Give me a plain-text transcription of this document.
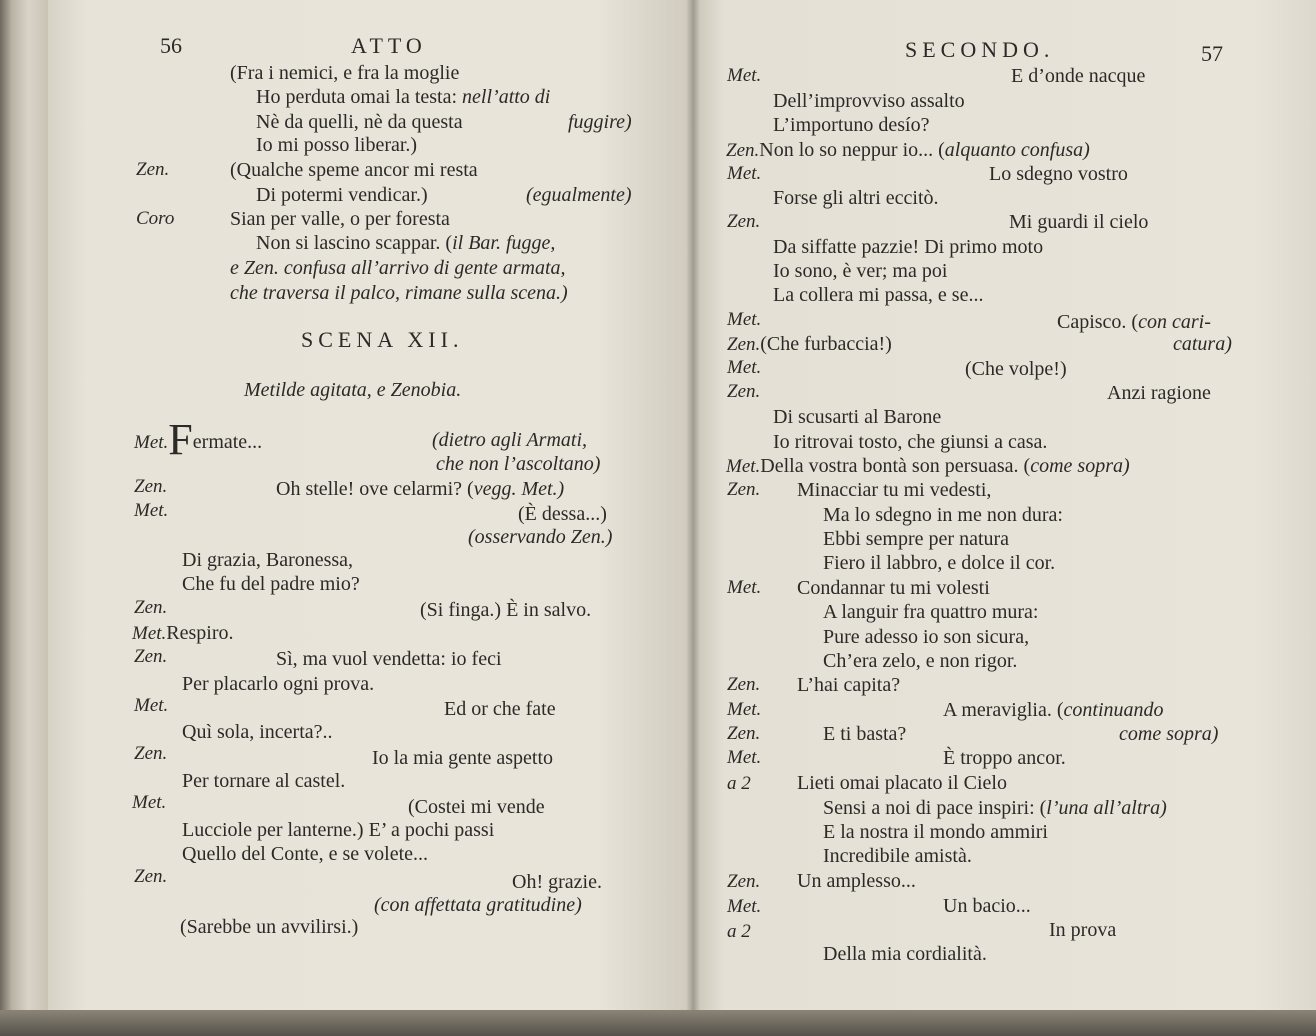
56	ATTO
(Fra i nemici, e fra la moglie
Ho perduta omai la testa: nell’atto di
Nè da quelli, nè da questa	fuggire)
Io mi posso liberar.)
Zen.	(Qualche speme ancor mi resta
Di potermi vendicar.)	(egualmente)
Coro	Sian per valle, o per foresta
Non si lascino scappar. (il Bar. fugge,
e Zen. confusa all’arrivo di gente armata,
che traversa il palco, rimane sulla scena.)
SCENA XII.
Metilde agitata, e Zenobia.
Met.Fermate...	(dietro agli Armati,
che non l’ascoltano)
Zen.	Oh stelle! ove celarmi? (vegg. Met.)
Met.	(È dessa...)
(osservando Zen.)
Di grazia, Baronessa,
Che fu del padre mio?
Zen.	(Si finga.) È in salvo.
Met.Respiro.
Zen.	Sì, ma vuol vendetta: io feci
Per placarlo ogni prova.
Met.	Ed or che fate
Quì sola, incerta?..
Zen.	Io la mia gente aspetto
Per tornare al castel.
Met.	(Costei mi vende
Lucciole per lanterne.) E’ a pochi passi
Quello del Conte, e se volete...
Zen.	Oh! grazie.
(con affettata gratitudine)
(Sarebbe un avvilirsi.)
SECONDO.	57
Met.	E d’onde nacque
Dell’improvviso assalto
L’importuno desío?
Zen.Non lo so neppur io... (alquanto confusa)
Met.	Lo sdegno vostro
Forse gli altri eccitò.
Zen.	Mi guardi il cielo
Da siffatte pazzie! Di primo moto
Io sono, è ver; ma poi
La collera mi passa, e se...
Met.	Capisco. (con cari-
Zen.(Che furbaccia!)	catura)
Met.	(Che volpe!)
Zen.	Anzi ragione
Di scusarti al Barone
Io ritrovai tosto, che giunsi a casa.
Met.Della vostra bontà son persuasa. (come sopra)
Zen. Minacciar tu mi vedesti,
Ma lo sdegno in me non dura:
Ebbi sempre per natura
Fiero il labbro, e dolce il cor.
Met. Condannar tu mi volesti
A languir fra quattro mura:
Pure adesso io son sicura,
Ch’era zelo, e non rigor.
Zen. L’hai capita?
Met.	A meraviglia. (continuando
Zen.	E ti basta?	come sopra)
Met.	È troppo ancor.
a 2 Lieti omai placato il Cielo
Sensi a noi di pace inspiri: (l’una all’altra)
E la nostra il mondo ammiri
Incredibile amistà.
Zen. Un amplesso...
Met.	Un bacio...
a 2	In prova
Della mia cordialità.
